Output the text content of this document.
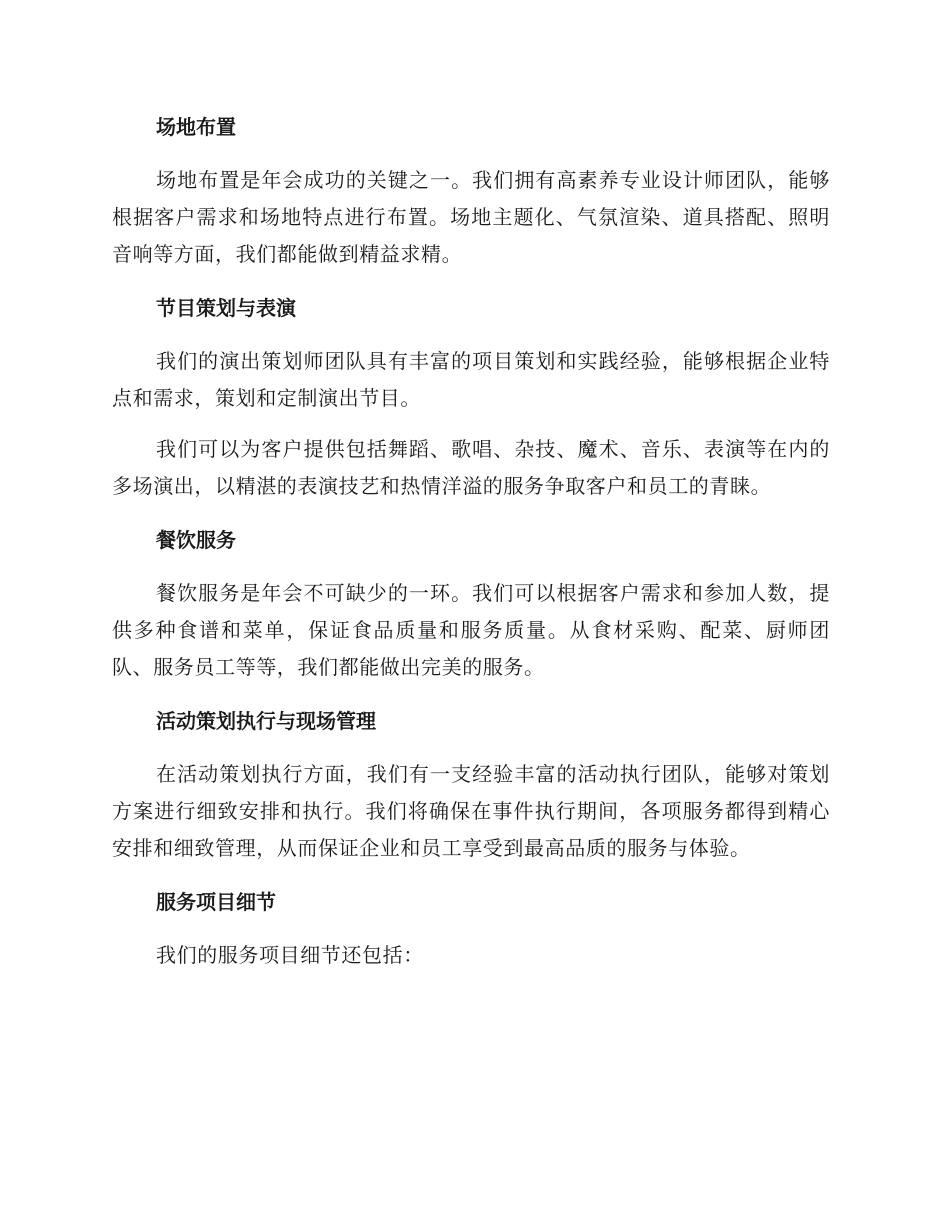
场地布置

场地布置是年会成功的关键之一。我们拥有高素养专业设计师团队，能够根据客户需求和场地特点进行布置。场地主题化、气氛渲染、道具搭配、照明音响等方面，我们都能做到精益求精。

节目策划与表演

我们的演出策划师团队具有丰富的项目策划和实践经验，能够根据企业特点和需求，策划和定制演出节目。

我们可以为客户提供包括舞蹈、歌唱、杂技、魔术、音乐、表演等在内的多场演出，以精湛的表演技艺和热情洋溢的服务争取客户和员工的青睐。

餐饮服务

餐饮服务是年会不可缺少的一环。我们可以根据客户需求和参加人数，提供多种食谱和菜单，保证食品质量和服务质量。从食材采购、配菜、厨师团队、服务员工等等，我们都能做出完美的服务。

活动策划执行与现场管理

在活动策划执行方面，我们有一支经验丰富的活动执行团队，能够对策划方案进行细致安排和执行。我们将确保在事件执行期间，各项服务都得到精心安排和细致管理，从而保证企业和员工享受到最高品质的服务与体验。

服务项目细节

我们的服务项目细节还包括：
